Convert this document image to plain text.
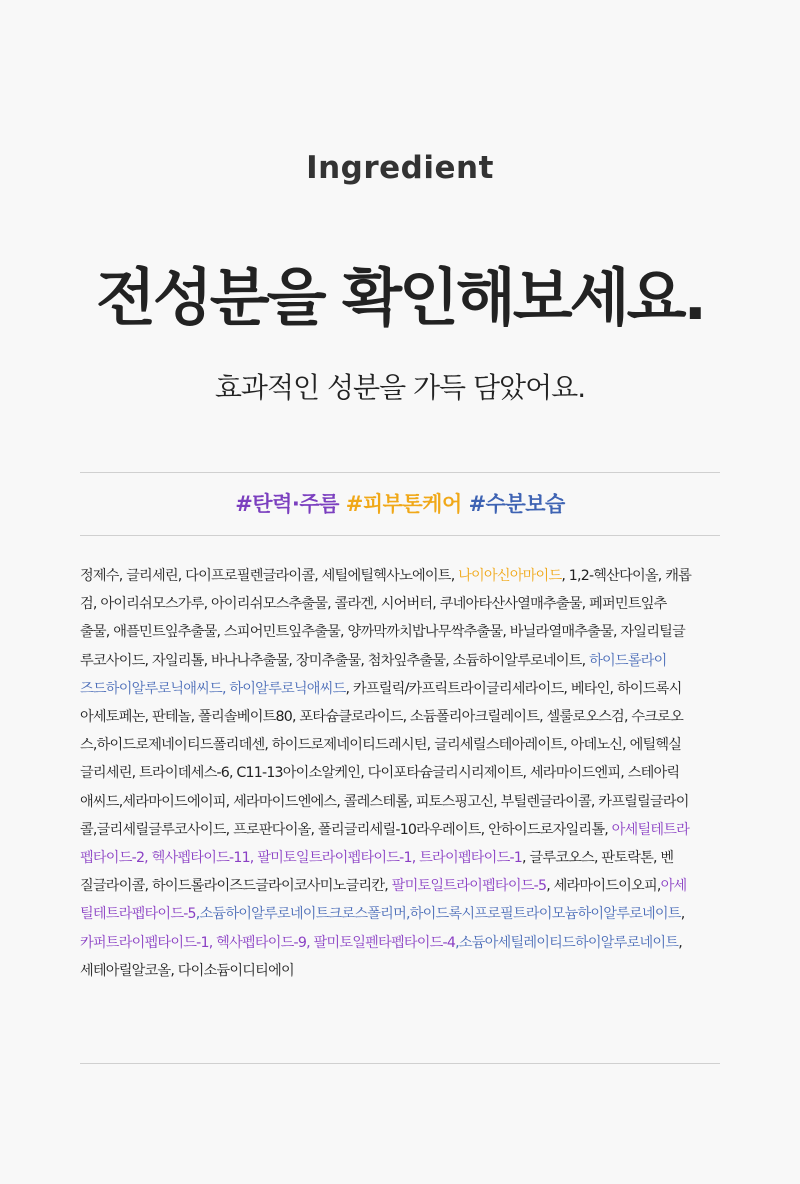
Ingredient
전성분을 확인해보세요.
효과적인 성분을 가득 담았어요.
#탄력·주름 #피부톤케어 #수분보습
정제수, 글리세린, 다이프로필렌글라이콜, 세틸에틸헥사노에이트, 나이아신아마이드, 1,2-헥산다이올, 캐롭
검, 아이리쉬모스가루, 아이리쉬모스추출물, 콜라겐, 시어버터, 쿠네아타산사열매추출물, 페퍼민트잎추
출물, 애플민트잎추출물, 스피어민트잎추출물, 양까막까치밥나무싹추출물, 바닐라열매추출물, 자일리틸글
루코사이드, 자일리톨, 바나나추출물, 장미추출물, 첨차잎추출물, 소듐하이알루로네이트, 하이드롤라이
즈드하이알루로닉애씨드, 하이알루로닉애씨드, 카프릴릭/카프릭트라이글리세라이드, 베타인, 하이드록시
아세토페논, 판테놀, 폴리솔베이트80, 포타슘클로라이드, 소듐폴리아크릴레이트, 셀룰로오스검, 수크로오
스,하이드로제네이티드폴리데센, 하이드로제네이티드레시틴, 글리세릴스테아레이트, 아데노신, 에틸헥실
글리세린, 트라이데세스-6, C11-13아이소알케인, 다이포타슘글리시리제이트, 세라마이드엔피, 스테아릭
애씨드,세라마이드에이피, 세라마이드엔에스, 콜레스테롤, 피토스핑고신, 부틸렌글라이콜, 카프릴릴글라이
콜,글리세릴글루코사이드, 프로판다이올, 폴리글리세릴-10라우레이트, 안하이드로자일리톨, 아세틸테트라
펩타이드-2, 헥사펩타이드-11, 팔미토일트라이펩타이드-1, 트라이펩타이드-1, 글루코오스, 판토락톤, 벤
질글라이콜, 하이드롤라이즈드글라이코사미노글리칸, 팔미토일트라이펩타이드-5, 세라마이드이오피,아세
틸테트라펩타이드-5,소듐하이알루로네이트크로스폴리머,하이드록시프로필트라이모늄하이알루로네이트,
카퍼트라이펩타이드-1, 헥사펩타이드-9, 팔미토일펜타펩타이드-4,소듐아세틸레이티드하이알루로네이트,
세테아릴알코올, 다이소듐이디티에이
